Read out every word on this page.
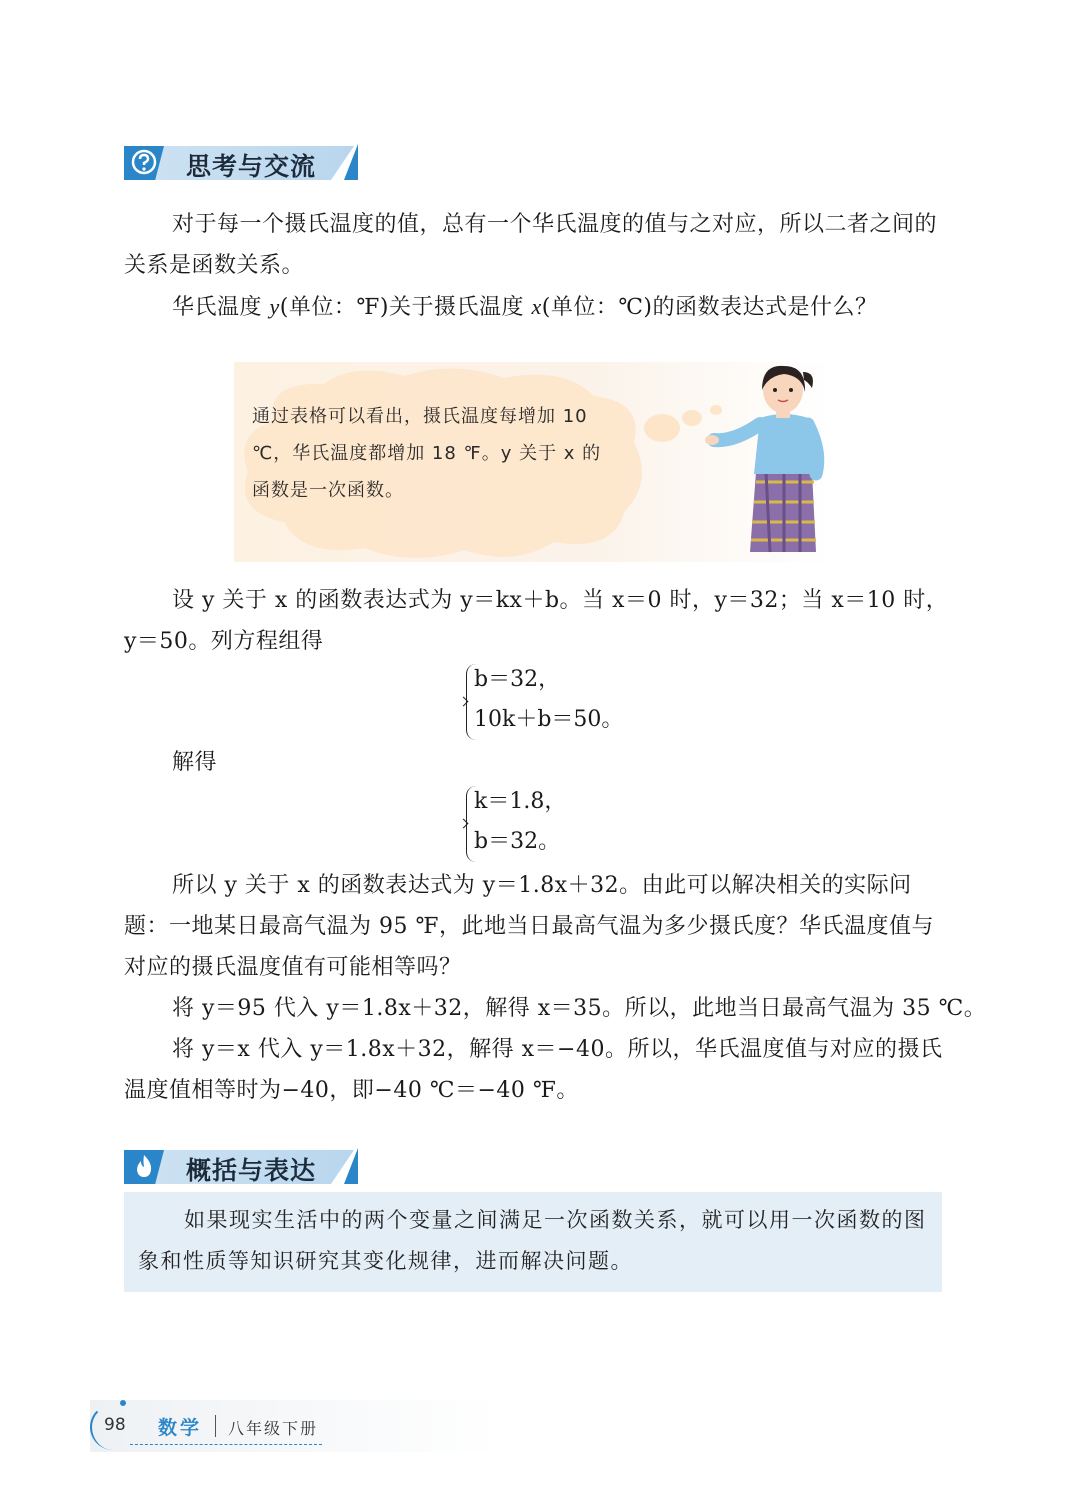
思考与交流
对于每一个摄氏温度的值，总有一个华氏温度的值与之对应，所以二者之间的关系是函数关系。
华氏温度 y(单位：℉)关于摄氏温度 x(单位：℃)的函数表达式是什么？
通过表格可以看出，摄氏温度每增加 10 ℃，华氏温度都增加 18 ℉。y 关于 x 的函数是一次函数。
设 y 关于 x 的函数表达式为 y＝kx＋b。当 x＝0 时，y＝32；当 x＝10 时，
y＝50。列方程组得
b＝32，
10k＋b＝50。
解得
k＝1.8，
b＝32。
所以 y 关于 x 的函数表达式为 y＝1.8x＋32。由此可以解决相关的实际问题：一地某日最高气温为 95 ℉，此地当日最高气温为多少摄氏度？华氏温度值与对应的摄氏温度值有可能相等吗？
将 y＝95 代入 y＝1.8x＋32，解得 x＝35。所以，此地当日最高气温为 35 ℃。
将 y＝x 代入 y＝1.8x＋32，解得 x＝−40。所以，华氏温度值与对应的摄氏温度值相等时为−40，即−40 ℃＝−40 ℉。
概括与表达
如果现实生活中的两个变量之间满足一次函数关系，就可以用一次函数的图象和性质等知识研究其变化规律，进而解决问题。
98 数学 八年级下册
